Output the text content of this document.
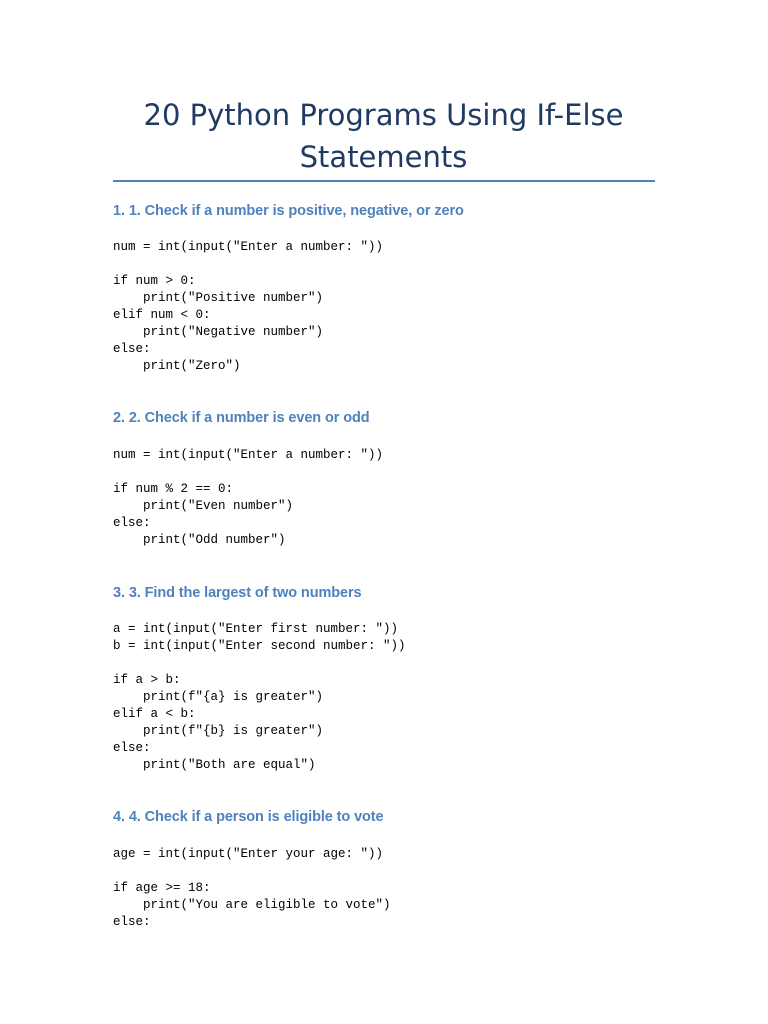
20 Python Programs Using If-Else Statements
1. 1. Check if a number is positive, negative, or zero
num = int(input("Enter a number: "))

if num > 0:
print("Positive number")
elif num < 0:
print("Negative number")
else:
print("Zero")
2. 2. Check if a number is even or odd
num = int(input("Enter a number: "))

if num % 2 == 0:
print("Even number")
else:
print("Odd number")
3. 3. Find the largest of two numbers
a = int(input("Enter first number: "))
b = int(input("Enter second number: "))

if a > b:
print(f"{a} is greater")
elif a < b:
print(f"{b} is greater")
else:
print("Both are equal")
4. 4. Check if a person is eligible to vote
age = int(input("Enter your age: "))

if age >= 18:
print("You are eligible to vote")
else:
